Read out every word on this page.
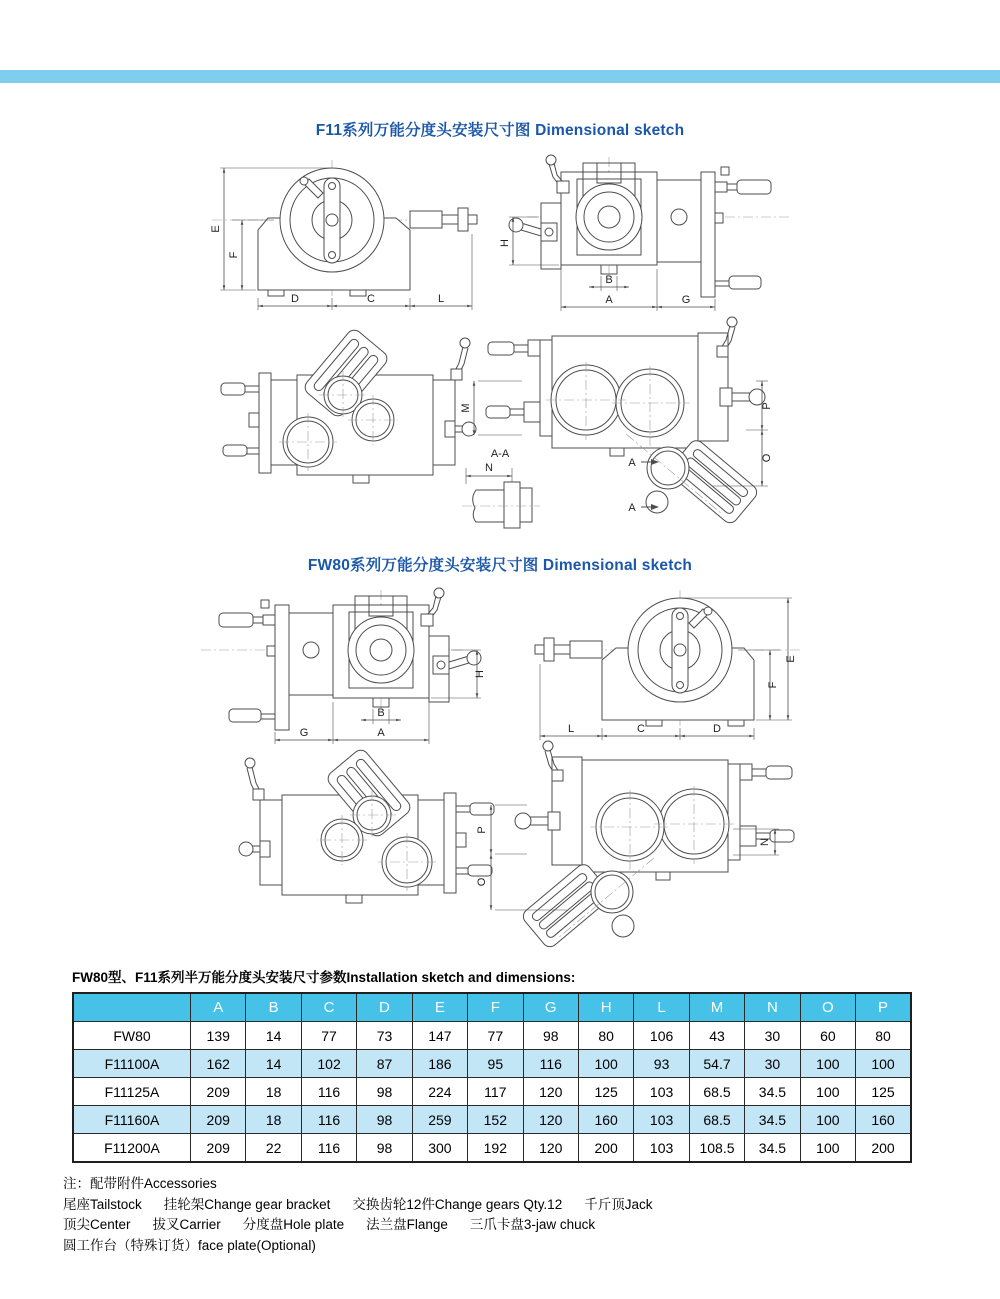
F11系列万能分度头安装尺寸图 Dimensional sketch
E
F
D	C	L
H
B
A	G
A-A
N	A
A
M	P
O
FW80系列万能分度头安装尺寸图 Dimensional sketch
H
B
G	A	L	C	D
F
E
P
O
N
FW80型、F11系列半万能分度头安装尺寸参数Installation sketch and dimensions:
	A	B	C	D	E	F	G	H	L	M	N	O	P
FW80	139	14	77	73	147	77	98	80	106	43	30	60	80
F11100A	162	14	102	87	186	95	116	100	93	54.7	30	100	100
F11125A	209	18	116	98	224	117	120	125	103	68.5	34.5	100	125
F11160A	209	18	116	98	259	152	120	160	103	68.5	34.5	100	160
F11200A	209	22	116	98	300	192	120	200	103	108.5	34.5	100	200
注：配带附件Accessories
尾座Tailstock 挂轮架Change gear bracket 交换齿轮12件Change gears Qty.12 千斤顶Jack
顶尖Center 拔叉Carrier 分度盘Hole plate 法兰盘Flange 三爪卡盘3-jaw chuck
圆工作台（特殊订货）face plate(Optional)
